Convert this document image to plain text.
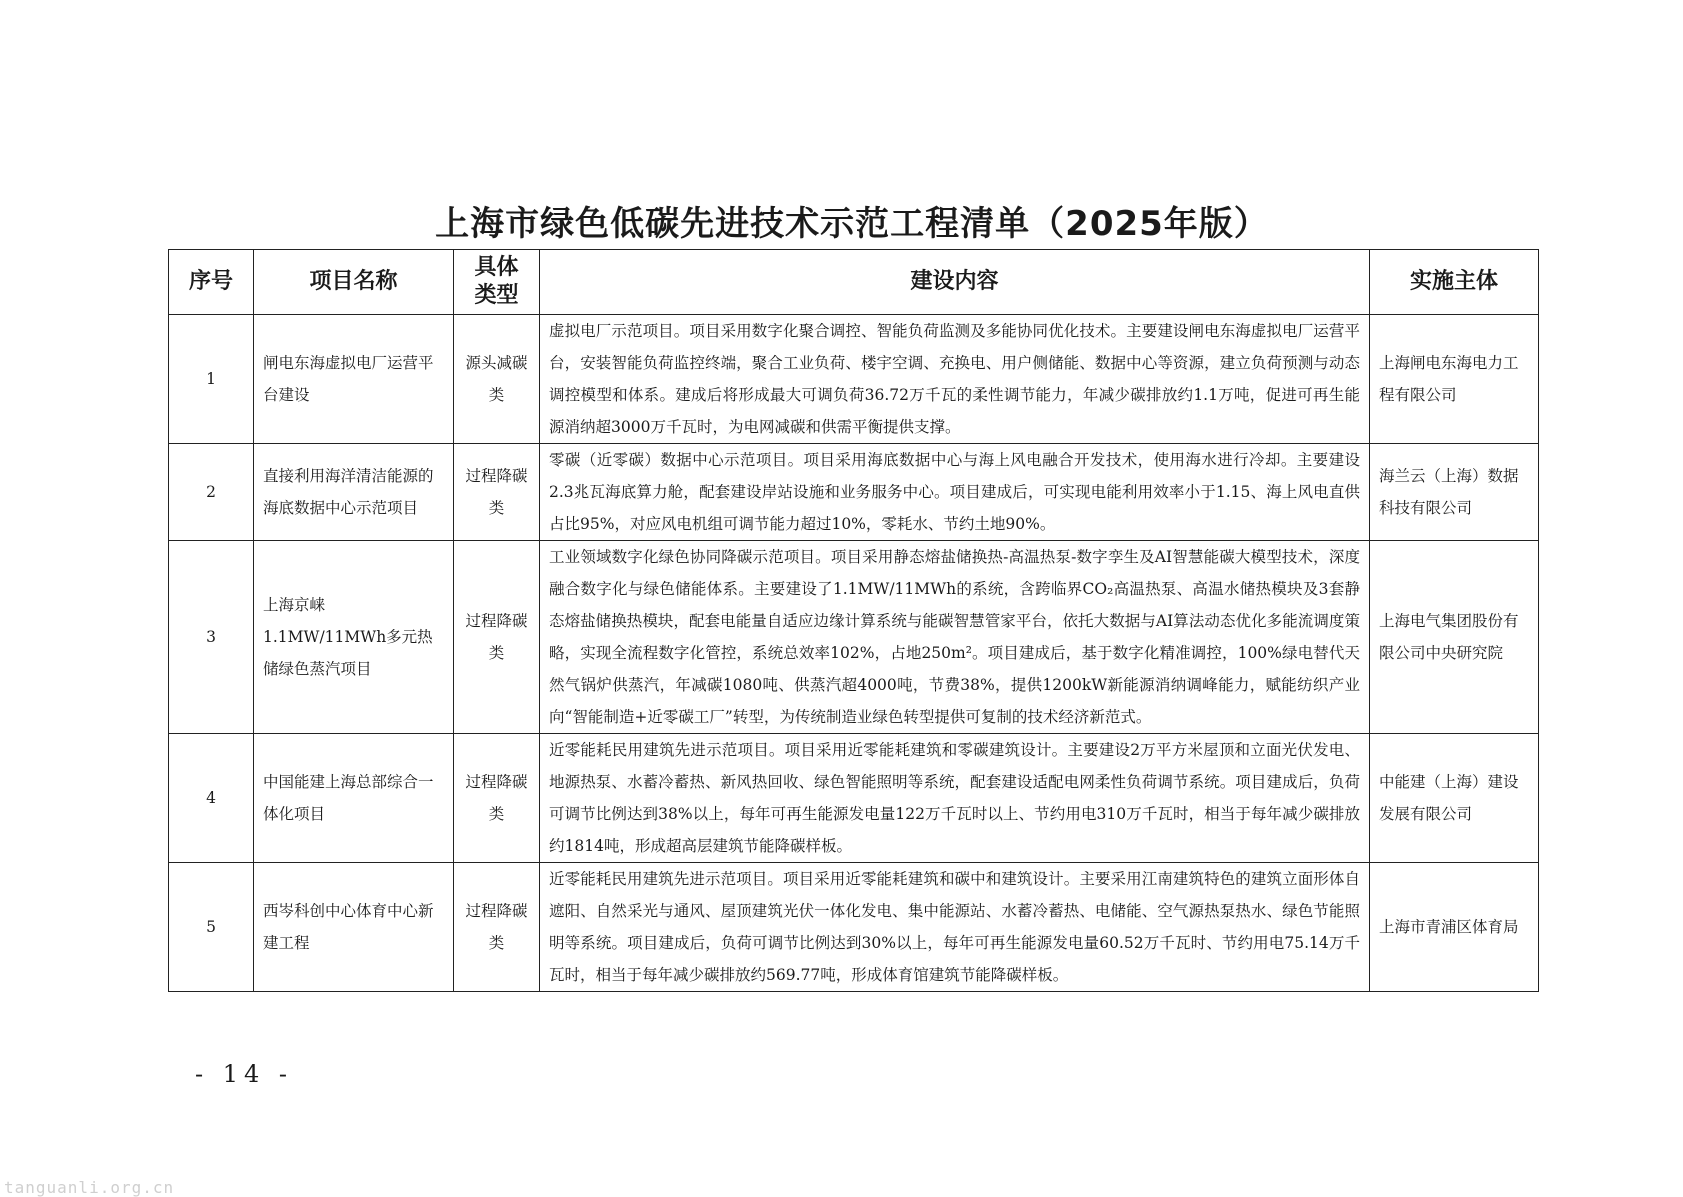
上海市绿色低碳先进技术示范工程清单（2025年版）
序号	项目名称	具体类型	建设内容	实施主体
1	闸电东海虚拟电厂运营平台建设	源头减碳类	虚拟电厂示范项目。项目采用数字化聚合调控、智能负荷监测及多能协同优化技术。主要建设闸电东海虚拟电厂运营平台，安装智能负荷监控终端，聚合工业负荷、楼宇空调、充换电、用户侧储能、数据中心等资源，建立负荷预测与动态调控模型和体系。建成后将形成最大可调负荷36.72万千瓦的柔性调节能力，年减少碳排放约1.1万吨，促进可再生能源消纳超3000万千瓦时，为电网减碳和供需平衡提供支撑。	上海闸电东海电力工程有限公司
2	直接利用海洋清洁能源的海底数据中心示范项目	过程降碳类	零碳（近零碳）数据中心示范项目。项目采用海底数据中心与海上风电融合开发技术，使用海水进行冷却。主要建设2.3兆瓦海底算力舱，配套建设岸站设施和业务服务中心。项目建成后，可实现电能利用效率小于1.15、海上风电直供占比95%，对应风电机组可调节能力超过10%，零耗水、节约土地90%。	海兰云（上海）数据科技有限公司
3	上海京崃1.1MW/11MWh多元热储绿色蒸汽项目	过程降碳类	工业领域数字化绿色协同降碳示范项目。项目采用静态熔盐储换热-高温热泵-数字孪生及AI智慧能碳大模型技术，深度融合数字化与绿色储能体系。主要建设了1.1MW/11MWh的系统，含跨临界CO₂高温热泵、高温水储热模块及3套静态熔盐储换热模块，配套电能量自适应边缘计算系统与能碳智慧管家平台，依托大数据与AI算法动态优化多能流调度策略，实现全流程数字化管控，系统总效率102%，占地250m²。项目建成后，基于数字化精准调控，100%绿电替代天然气锅炉供蒸汽，年减碳1080吨、供蒸汽超4000吨，节费38%，提供1200kW新能源消纳调峰能力，赋能纺织产业向“智能制造+近零碳工厂”转型，为传统制造业绿色转型提供可复制的技术经济新范式。	上海电气集团股份有限公司中央研究院
4	中国能建上海总部综合一体化项目	过程降碳类	近零能耗民用建筑先进示范项目。项目采用近零能耗建筑和零碳建筑设计。主要建设2万平方米屋顶和立面光伏发电、地源热泵、水蓄冷蓄热、新风热回收、绿色智能照明等系统，配套建设适配电网柔性负荷调节系统。项目建成后，负荷可调节比例达到38%以上，每年可再生能源发电量122万千瓦时以上、节约用电310万千瓦时，相当于每年减少碳排放约1814吨，形成超高层建筑节能降碳样板。	中能建（上海）建设发展有限公司
5	西岑科创中心体育中心新建工程	过程降碳类	近零能耗民用建筑先进示范项目。项目采用近零能耗建筑和碳中和建筑设计。主要采用江南建筑特色的建筑立面形体自遮阳、自然采光与通风、屋顶建筑光伏一体化发电、集中能源站、水蓄冷蓄热、电储能、空气源热泵热水、绿色节能照明等系统。项目建成后，负荷可调节比例达到30%以上，每年可再生能源发电量60.52万千瓦时、节约用电75.14万千瓦时，相当于每年减少碳排放约569.77吨，形成体育馆建筑节能降碳样板。	上海市青浦区体育局

- 14 -

tanguanli.org.cn
